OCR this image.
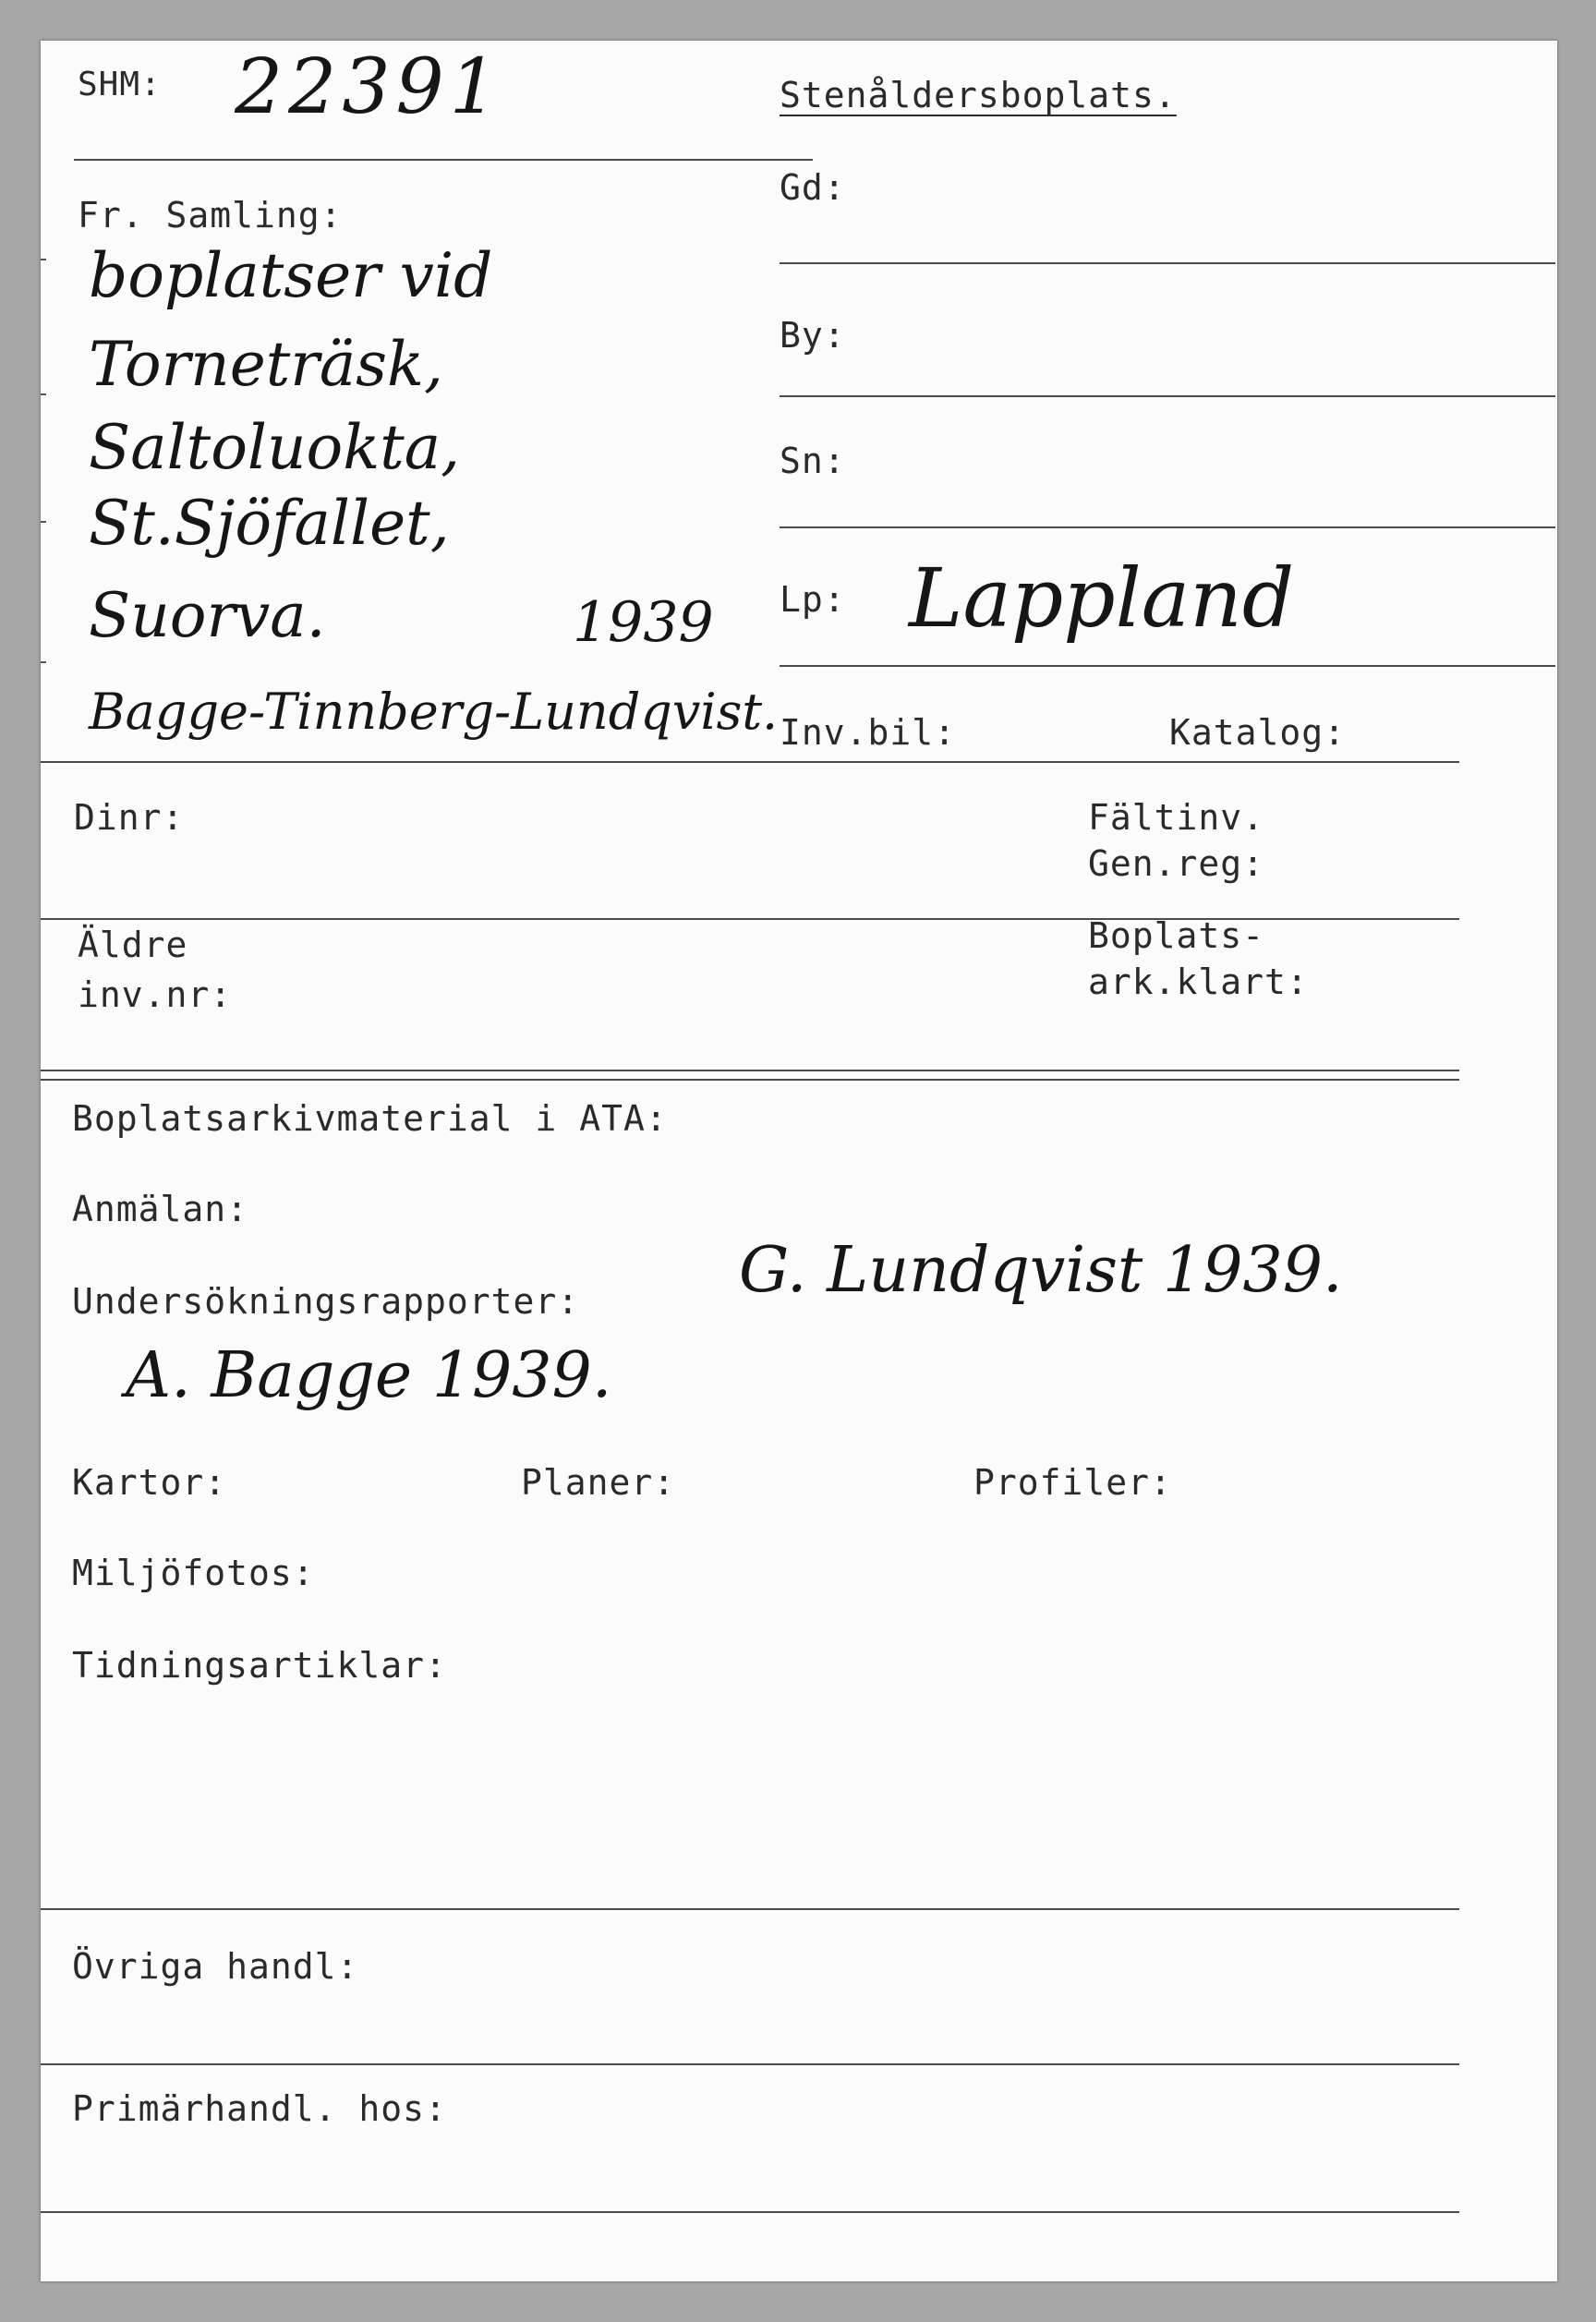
SHM: 22391
Fr. Samling:
boplatser vid
Torneträsk,
Saltoluokta,
St.Sjöfallet,
Suorva.	1939
Bagge-Tinnberg-Lundqvist.
Stenåldersboplats.
Gd:
By:
Sn:
Lp: Lappland
Inv.bil:	Katalog:
Dinr:	Fältinv.
Gen.reg:
Äldre
inv.nr:
Boplats-
ark.klart:
Boplatsarkivmaterial i ATA:
Anmälan:
Undersökningsrapporter:	G. Lundqvist 1939.
A. Bagge 1939.
Kartor:	Planer:	Profiler:
Miljöfotos:
Tidningsartiklar:
Övriga handl:
Primärhandl. hos:
